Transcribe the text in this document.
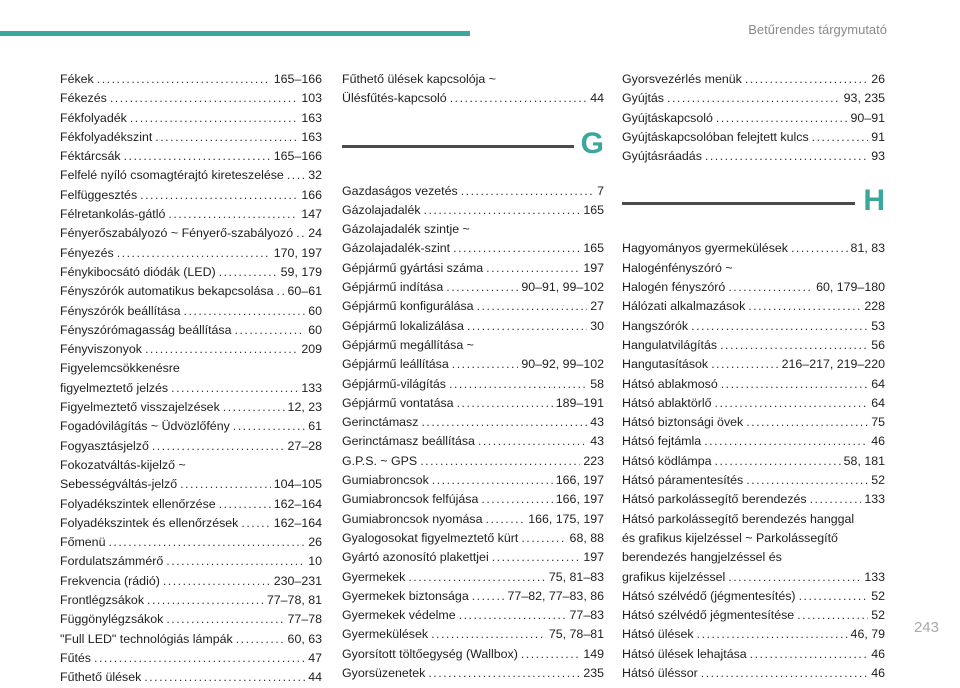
Betűrendes tárgymutató
Fékek .....	165–166
Fékezés .....	103
Fékfolyadék .....	163
Fékfolyadékszint .....	163
Féktárcsák .....	165–166
Felfelé nyíló csomagtérajtó kireteszelése ..... 32
Felfüggesztés .....	166
Félretankolás-gátló .....	147
Fényerőszabályozó ~ Fényerő-szabályozó ..... 24
Fényezés .....	170, 197
Fénykibocsátó diódák (LED) .....	59, 179
Fényszórók automatikus bekapcsolása ..... 60–61
Fényszórók beállítása .....	60
Fényszórómagasság beállítása .....	60
Fényviszonyok .....	209
Figyelemcsökkenésre
figyelmeztető jelzés .....	133
Figyelmeztető visszajelzések .....	12, 23
Fogadóvilágítás ~ Üdvözlőfény .....	61
Fogyasztásjelző .....	27–28
Fokozatváltás-kijelző ~
Sebességváltás-jelző .....	104–105
Folyadékszintek ellenőrzése .....	162–164
Folyadékszintek és ellenőrzések .....	162–164
Főmenü .....	26
Fordulatszámmérő .....	10
Frekvencia (rádió) .....	230–231
Frontlégzsákok .....	77–78, 81
Függönylégzsákok .....	77–78
"Full LED" technológiás lámpák .....	60, 63
Fűtés .....	47
Fűthető ülések .....	44
Fűthető ülések kapcsolója ~
Ülésfűtés-kapcsoló .....	44
G
Gazdaságos vezetés .....	7
Gázolajadalék .....	165
Gázolajadalék szintje ~
Gázolajadalék-szint .....	165
Gépjármű gyártási száma .....	197
Gépjármű indítása .....	90–91, 99–102
Gépjármű konfigurálása .....	27
Gépjármű lokalizálása .....	30
Gépjármű megállítása ~
Gépjármű leállítása .....	90–92, 99–102
Gépjármű-világítás .....	58
Gépjármű vontatása .....	189–191
Gerinctámasz .....	43
Gerinctámasz beállítása .....	43
G.P.S. ~ GPS .....	223
Gumiabroncsok .....	166, 197
Gumiabroncsok felfújása .....	166, 197
Gumiabroncsok nyomása .....	166, 175, 197
Gyalogosokat figyelmeztető kürt .....	68, 88
Gyártó azonosító plakettjei .....	197
Gyermekek .....	75, 81–83
Gyermekek biztonsága .....	77–82, 77–83, 86
Gyermekek védelme .....	77–83
Gyermekülések .....	75, 78–81
Gyorsított töltőegység (Wallbox) .....	149
Gyorsüzenetek .....	235
Gyorsvezérlés menük .....	26
Gyújtás .....	93, 235
Gyújtáskapcsoló .....	90–91
Gyújtáskapcsolóban felejtett kulcs .....	91
Gyújtásráadás .....	93
H
Hagyományos gyermekülések .....	81, 83
Halogénfényszóró ~
Halogén fényszóró .....	60, 179–180
Hálózati alkalmazások .....	228
Hangszórók .....	53
Hangulatvilágítás .....	56
Hangutasítások .....	216–217, 219–220
Hátsó ablakmosó .....	64
Hátsó ablaktörlő .....	64
Hátsó biztonsági övek .....	75
Hátsó fejtámla .....	46
Hátsó ködlámpa .....	58, 181
Hátsó páramentesítés .....	52
Hátsó parkolássegítő berendezés .....	133
Hátsó parkolássegítő berendezés hanggal
és grafikus kijelzéssel ~ Parkolássegítő
berendezés hangjelzéssel és
grafikus kijelzéssel .....	133
Hátsó szélvédő (jégmentesítés) .....	52
Hátsó szélvédő jégmentesítése .....	52
Hátsó ülések .....	46, 79
Hátsó ülések lehajtása .....	46
Hátsó üléssor .....	46
243
